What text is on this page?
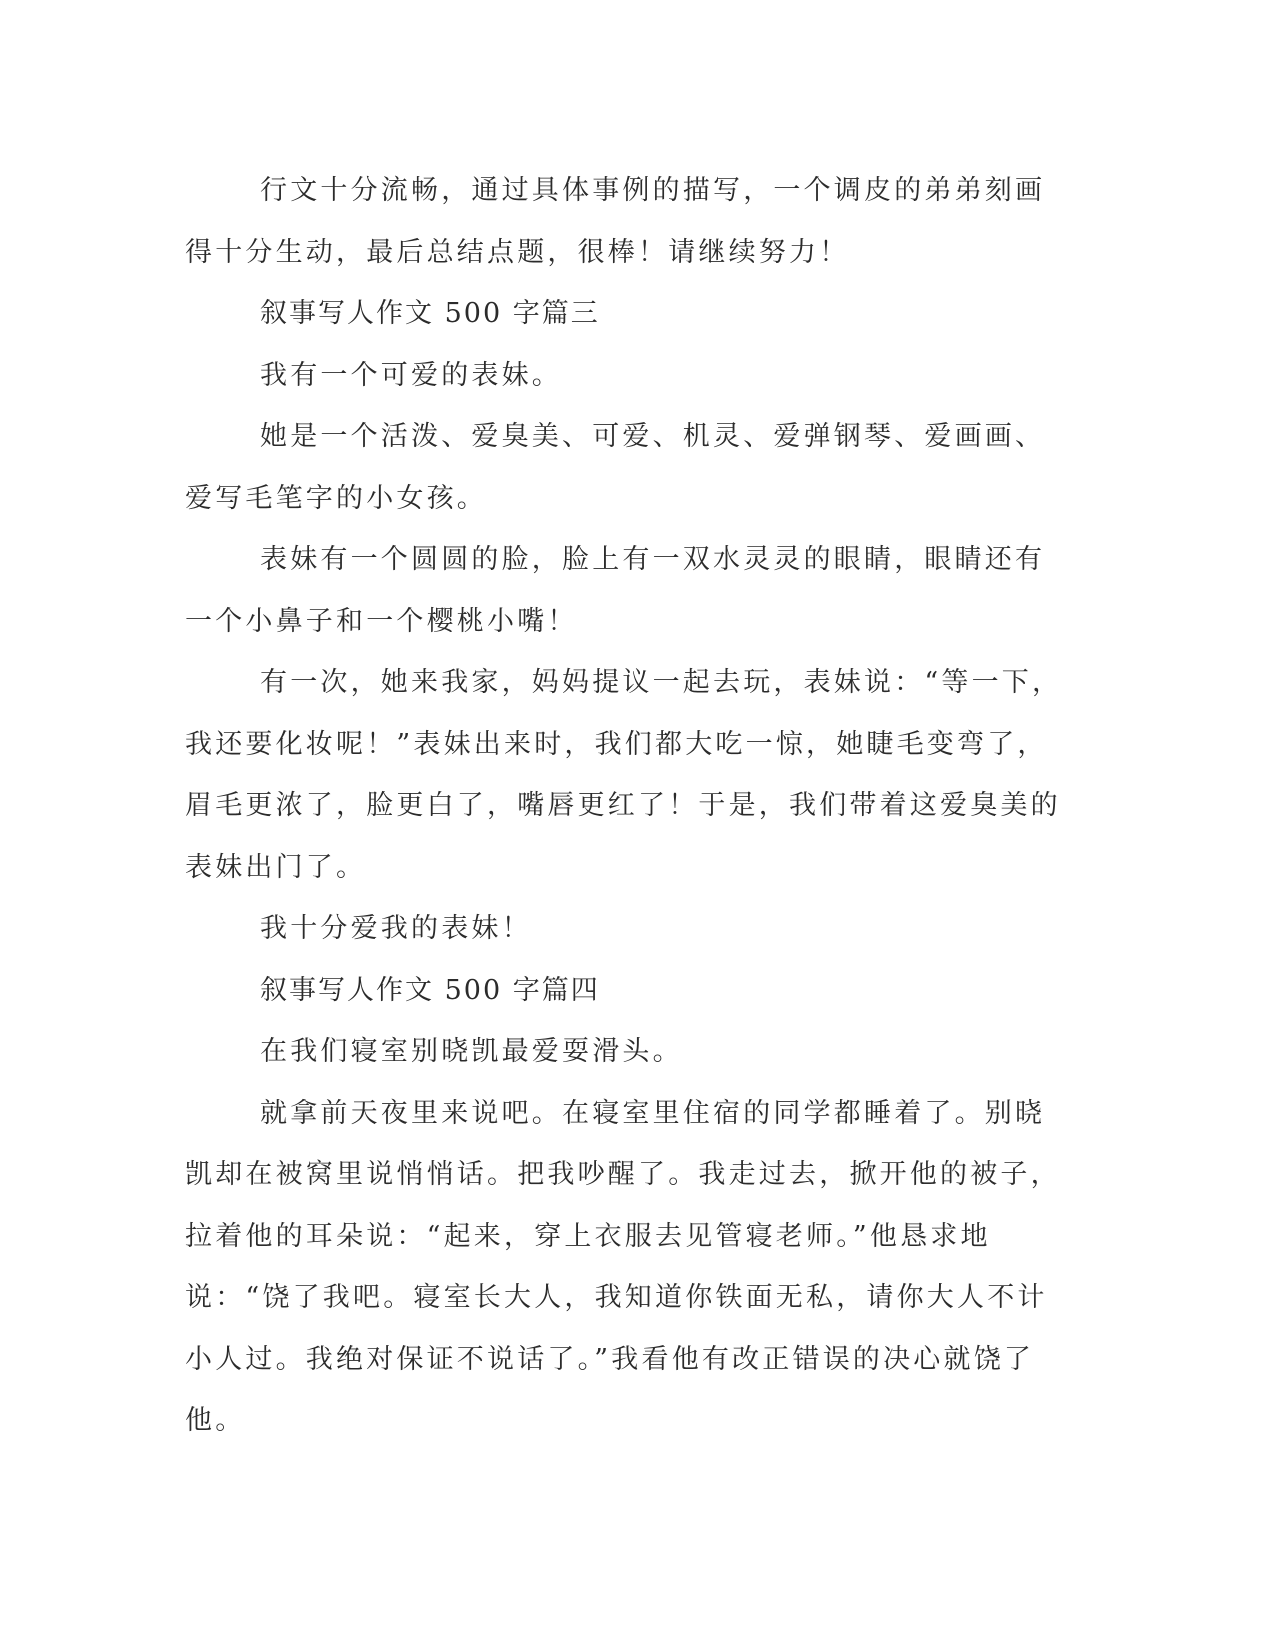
行文十分流畅，通过具体事例的描写，一个调皮的弟弟刻画得十分生动，最后总结点题，很棒！请继续努力！

叙事写人作文 500 字篇三

我有一个可爱的表妹。

她是一个活泼、爱臭美、可爱、机灵、爱弹钢琴、爱画画、爱写毛笔字的小女孩。

表妹有一个圆圆的脸，脸上有一双水灵灵的眼睛，眼睛还有一个小鼻子和一个樱桃小嘴！

有一次，她来我家，妈妈提议一起去玩，表妹说：“等一下，我还要化妆呢！”表妹出来时，我们都大吃一惊，她睫毛变弯了，眉毛更浓了，脸更白了，嘴唇更红了！于是，我们带着这爱臭美的表妹出门了。

我十分爱我的表妹！

叙事写人作文 500 字篇四

在我们寝室别晓凯最爱耍滑头。

就拿前天夜里来说吧。在寝室里住宿的同学都睡着了。别晓凯却在被窝里说悄悄话。把我吵醒了。我走过去，掀开他的被子，拉着他的耳朵说：“起来，穿上衣服去见管寝老师。”他恳求地说：“饶了我吧。寝室长大人，我知道你铁面无私，请你大人不计小人过。我绝对保证不说话了。”我看他有改正错误的决心就饶了他。
